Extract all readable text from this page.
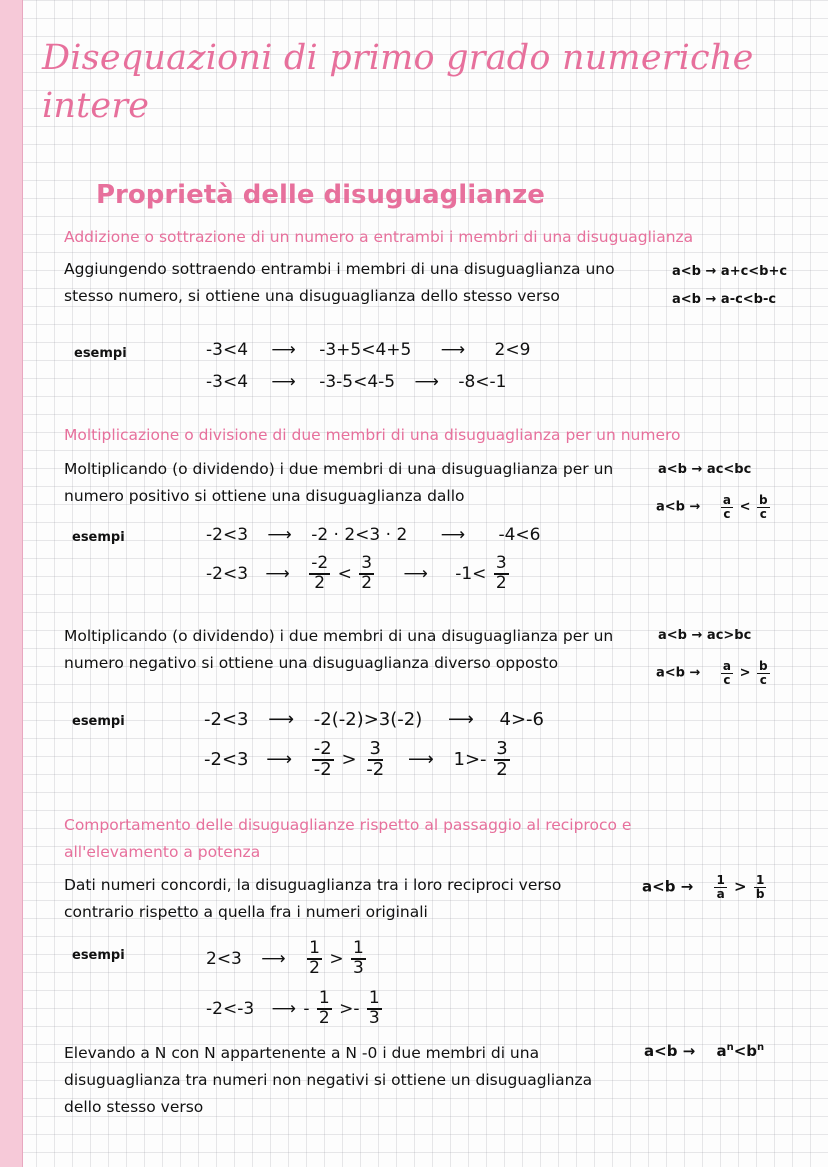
Disequazioni di primo grado numeriche
intere
Proprietà delle disuguaglianze
Addizione o sottrazione di un numero a entrambi i membri di una disuguaglianza
Aggiungendo sottraendo entrambi i membri di una disuguaglianza uno stesso numero, si ottiene una disuguaglianza dello stesso verso
a<b → a+c<b+c
a<b → a-c<b-c
esempi	-3<4 ⟶ -3+5<4+5 ⟶ 2<9
-3<4 ⟶ -3-5<4-5 ⟶ -8<-1
Moltiplicazione o divisione di due membri di una disuguaglianza per un numero
Moltiplicando (o dividendo) i due membri di una disuguaglianza per un numero positivo si ottiene una disuguaglianza dallo
a<b → ac<bc
$a<b \to \frac{a}{c} < \frac{b}{c}$
esempi	-2<3 ⟶ -2 · 2<3 · 2 ⟶ -4<6
-2<3 ⟶ $\frac{-2}{2} < \frac{3}{2}$ ⟶ $-1< \frac{3}{2}$
Moltiplicando (o dividendo) i due membri di una disuguaglianza per un numero negativo si ottiene una disuguaglianza diverso opposto
a<b → ac>bc
$a<b \to \frac{a}{c} > \frac{b}{c}$
esempi	-2<3 ⟶ -2(-2)>3(-2) ⟶ 4>-6
-2<3 ⟶ $\frac{-2}{-2} > \frac{3}{-2}$ ⟶ $1>- \frac{3}{2}$
Comportamento delle disuguaglianze rispetto al passaggio al reciproco e
all'elevamento a potenza
Dati numeri concordi, la disuguaglianza tra i loro reciproci verso contrario rispetto a quella fra i numeri originali
$a<b \to \frac{1}{a} > \frac{1}{b}$
esempi	2<3 ⟶ $\frac{1}{2} > \frac{1}{3}$
-2<-3 ⟶ - $\frac{1}{2} >- \frac{1}{3}$
Elevando a N con N appartenente a N -0 i due membri di una disuguaglianza tra numeri non negativi si ottiene un disuguaglianza dello stesso verso
$a<b \to a^n<b^n$
